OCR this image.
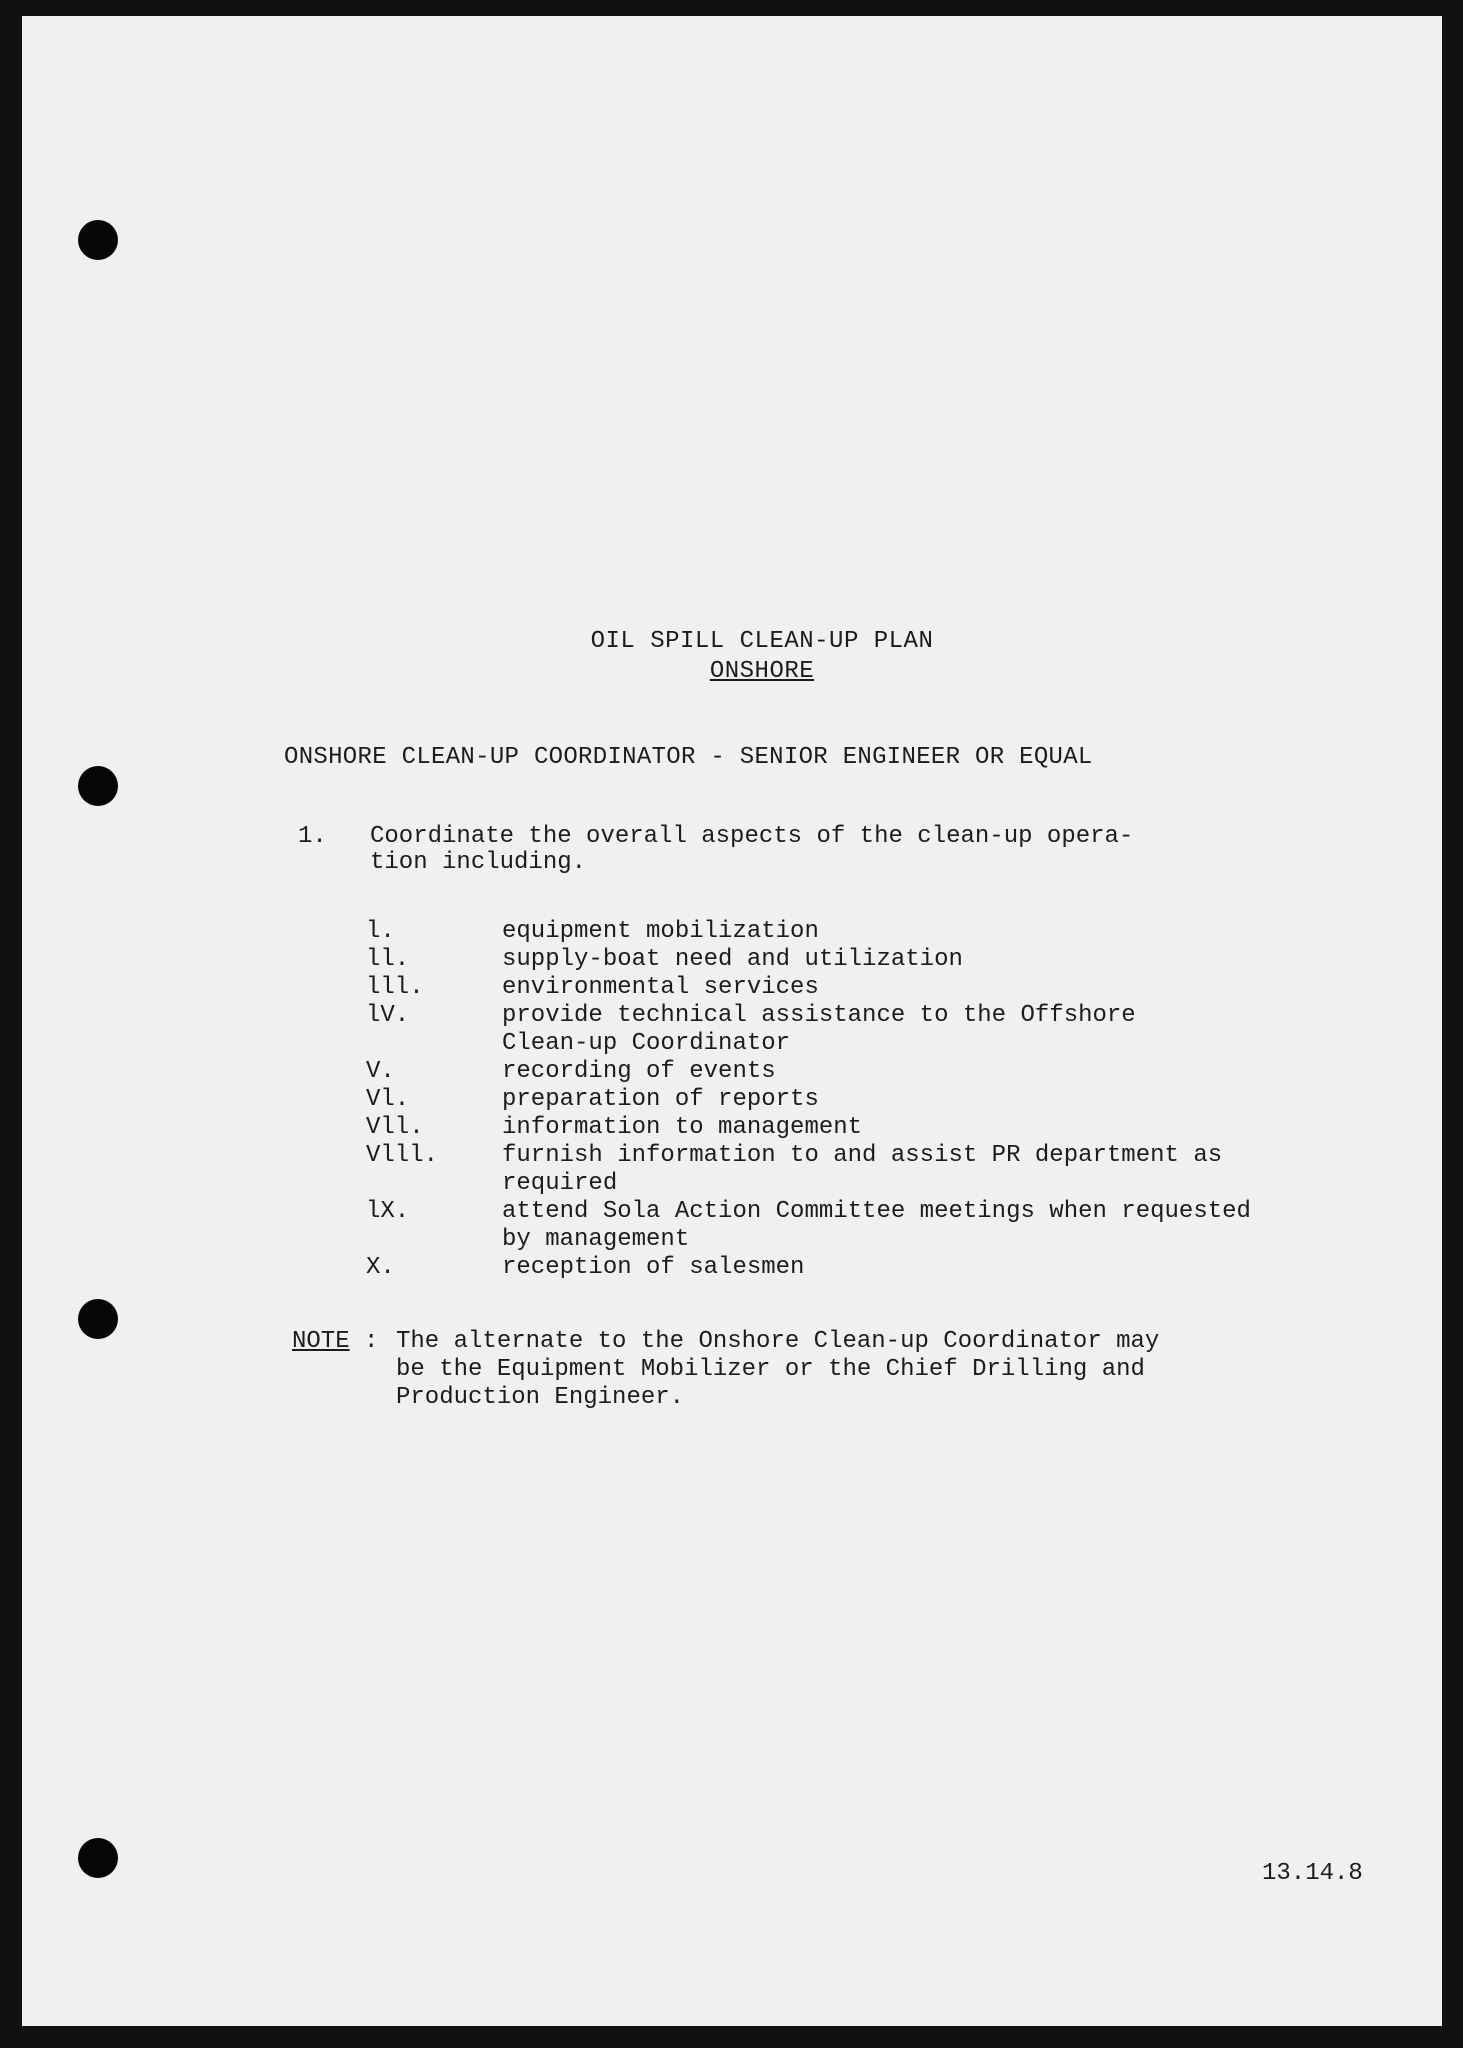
OIL SPILL CLEAN-UP PLAN
ONSHORE
ONSHORE CLEAN-UP COORDINATOR - SENIOR ENGINEER OR EQUAL
1. Coordinate the overall aspects of the clean-up opera-
tion including.
l.	equipment mobilization
ll.	supply-boat need and utilization
lll.	environmental services
lV.	provide technical assistance to the Offshore
Clean-up Coordinator
V.	recording of events
Vl.	preparation of reports
Vll.	information to management
Vlll.	furnish information to and assist PR department as
required
lX.	attend Sola Action Committee meetings when requested
by management
X.	reception of salesmen
NOTE : The alternate to the Onshore Clean-up Coordinator may
be the Equipment Mobilizer or the Chief Drilling and
Production Engineer.
13.14.8
